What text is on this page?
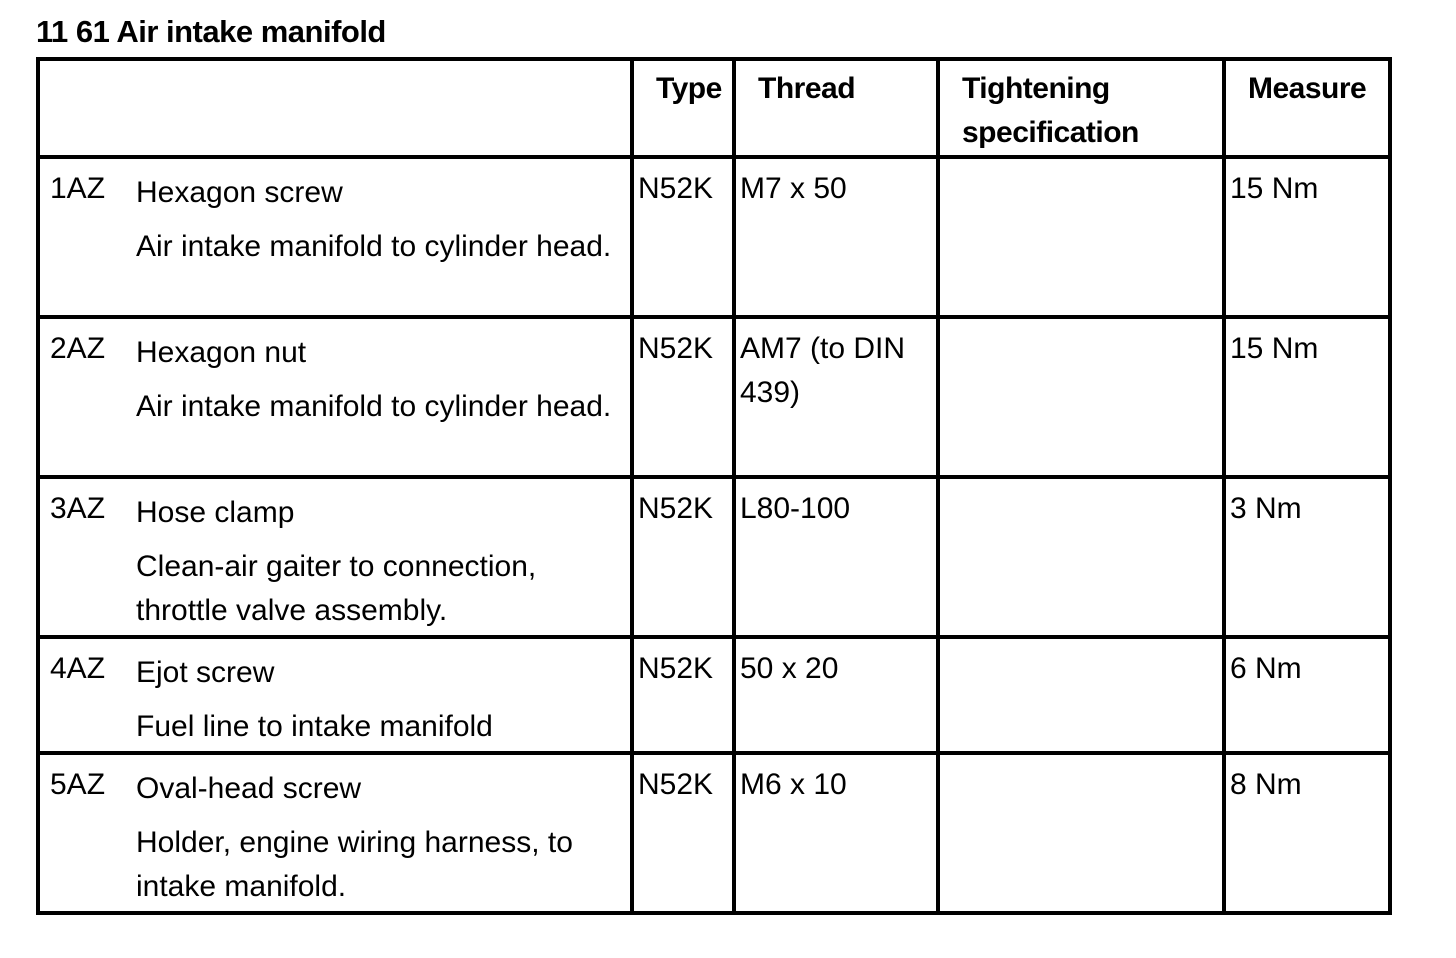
11 61 Air intake manifold

	Type	Thread	Tightening specification	Measure

1AZ Hexagon screw
Air intake manifold to cylinder head.	N52K	M7 x 50		15 Nm

2AZ Hexagon nut
Air intake manifold to cylinder head.	N52K	AM7 (to DIN 439)		15 Nm

3AZ Hose clamp
Clean-air gaiter to connection, throttle valve assembly.	N52K	L80-100		3 Nm

4AZ Ejot screw
Fuel line to intake manifold	N52K	50 x 20		6 Nm

5AZ Oval-head screw
Holder, engine wiring harness, to intake manifold.	N52K	M6 x 10		8 Nm
